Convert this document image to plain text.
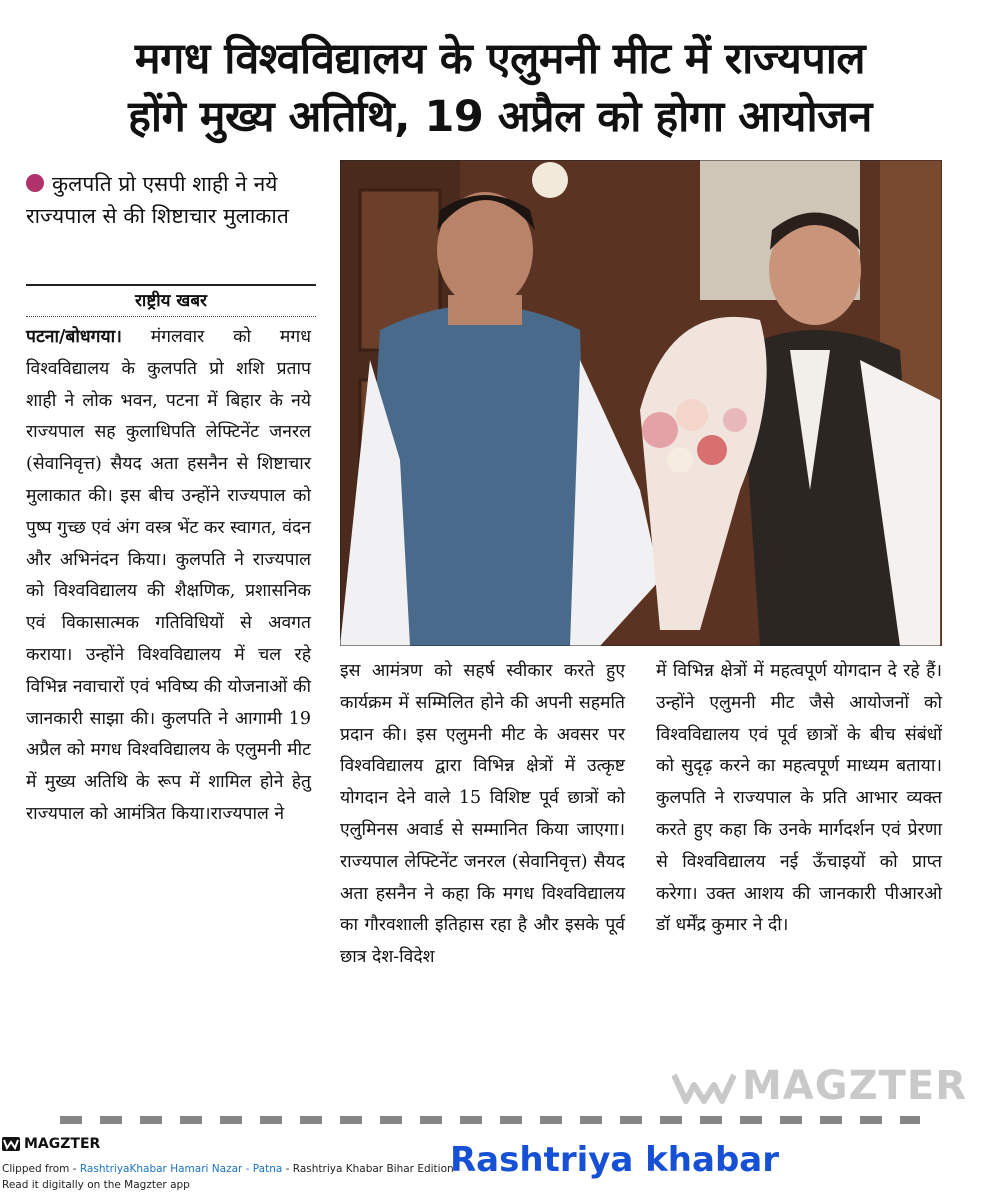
मगध विश्वविद्यालय के एलुमनी मीट में राज्यपाल
होंगे मुख्य अतिथि, 19 अप्रैल को होगा आयोजन
कुलपति प्रो एसपी शाही ने नये राज्यपाल से की शिष्टाचार मुलाकात
राष्ट्रीय खबर
पटना/बोधगया। मंगलवार को मगध विश्वविद्यालय के कुलपति प्रो शशि प्रताप शाही ने लोक भवन, पटना में बिहार के नये राज्यपाल सह कुलाधिपति लेफ्टिनेंट जनरल (सेवानिवृत्त) सैयद अता हसनैन से शिष्टाचार मुलाकात की। इस बीच उन्होंने राज्यपाल को पुष्प गुच्छ एवं अंग वस्त्र भेंट कर स्वागत, वंदन और अभिनंदन किया। कुलपति ने राज्यपाल को विश्वविद्यालय की शैक्षणिक, प्रशासनिक एवं विकासात्मक गतिविधियों से अवगत कराया। उन्होंने विश्वविद्यालय में चल रहे विभिन्न नवाचारों एवं भविष्य की योजनाओं की जानकारी साझा की। कुलपति ने आगामी 19 अप्रैल को मगध विश्वविद्यालय के एलुमनी मीट में मुख्य अतिथि के रूप में शामिल होने हेतु राज्यपाल को आमंत्रित किया।राज्यपाल ने
इस आमंत्रण को सहर्ष स्वीकार करते हुए कार्यक्रम में सम्मिलित होने की अपनी सहमति प्रदान की। इस एलुमनी मीट के अवसर पर विश्वविद्यालय द्वारा विभिन्न क्षेत्रों में उत्कृष्ट योगदान देने वाले 15 विशिष्ट पूर्व छात्रों को एलुमिनस अवार्ड से सम्मानित किया जाएगा। राज्यपाल लेफ्टिनेंट जनरल (सेवानिवृत्त) सैयद अता हसनैन ने कहा कि मगध विश्वविद्यालय का गौरवशाली इतिहास रहा है और इसके पूर्व छात्र देश-विदेश
में विभिन्न क्षेत्रों में महत्वपूर्ण योगदान दे रहे हैं। उन्होंने एलुमनी मीट जैसे आयोजनों को विश्वविद्यालय एवं पूर्व छात्रों के बीच संबंधों को सुदृढ़ करने का महत्वपूर्ण माध्यम बताया। कुलपति ने राज्यपाल के प्रति आभार व्यक्त करते हुए कहा कि उनके मार्गदर्शन एवं प्रेरणा से विश्वविद्यालय नई ऊँचाइयों को प्राप्त करेगा। उक्त आशय की जानकारी पीआरओ डॉ धर्मेंद्र कुमार ने दी।
MAGZTER
MAGZTER
Clipped from - RashtriyaKhabar Hamari Nazar - Patna - Rashtriya Khabar Bihar Edition
Read it digitally on the Magzter app
Rashtriya khabar
